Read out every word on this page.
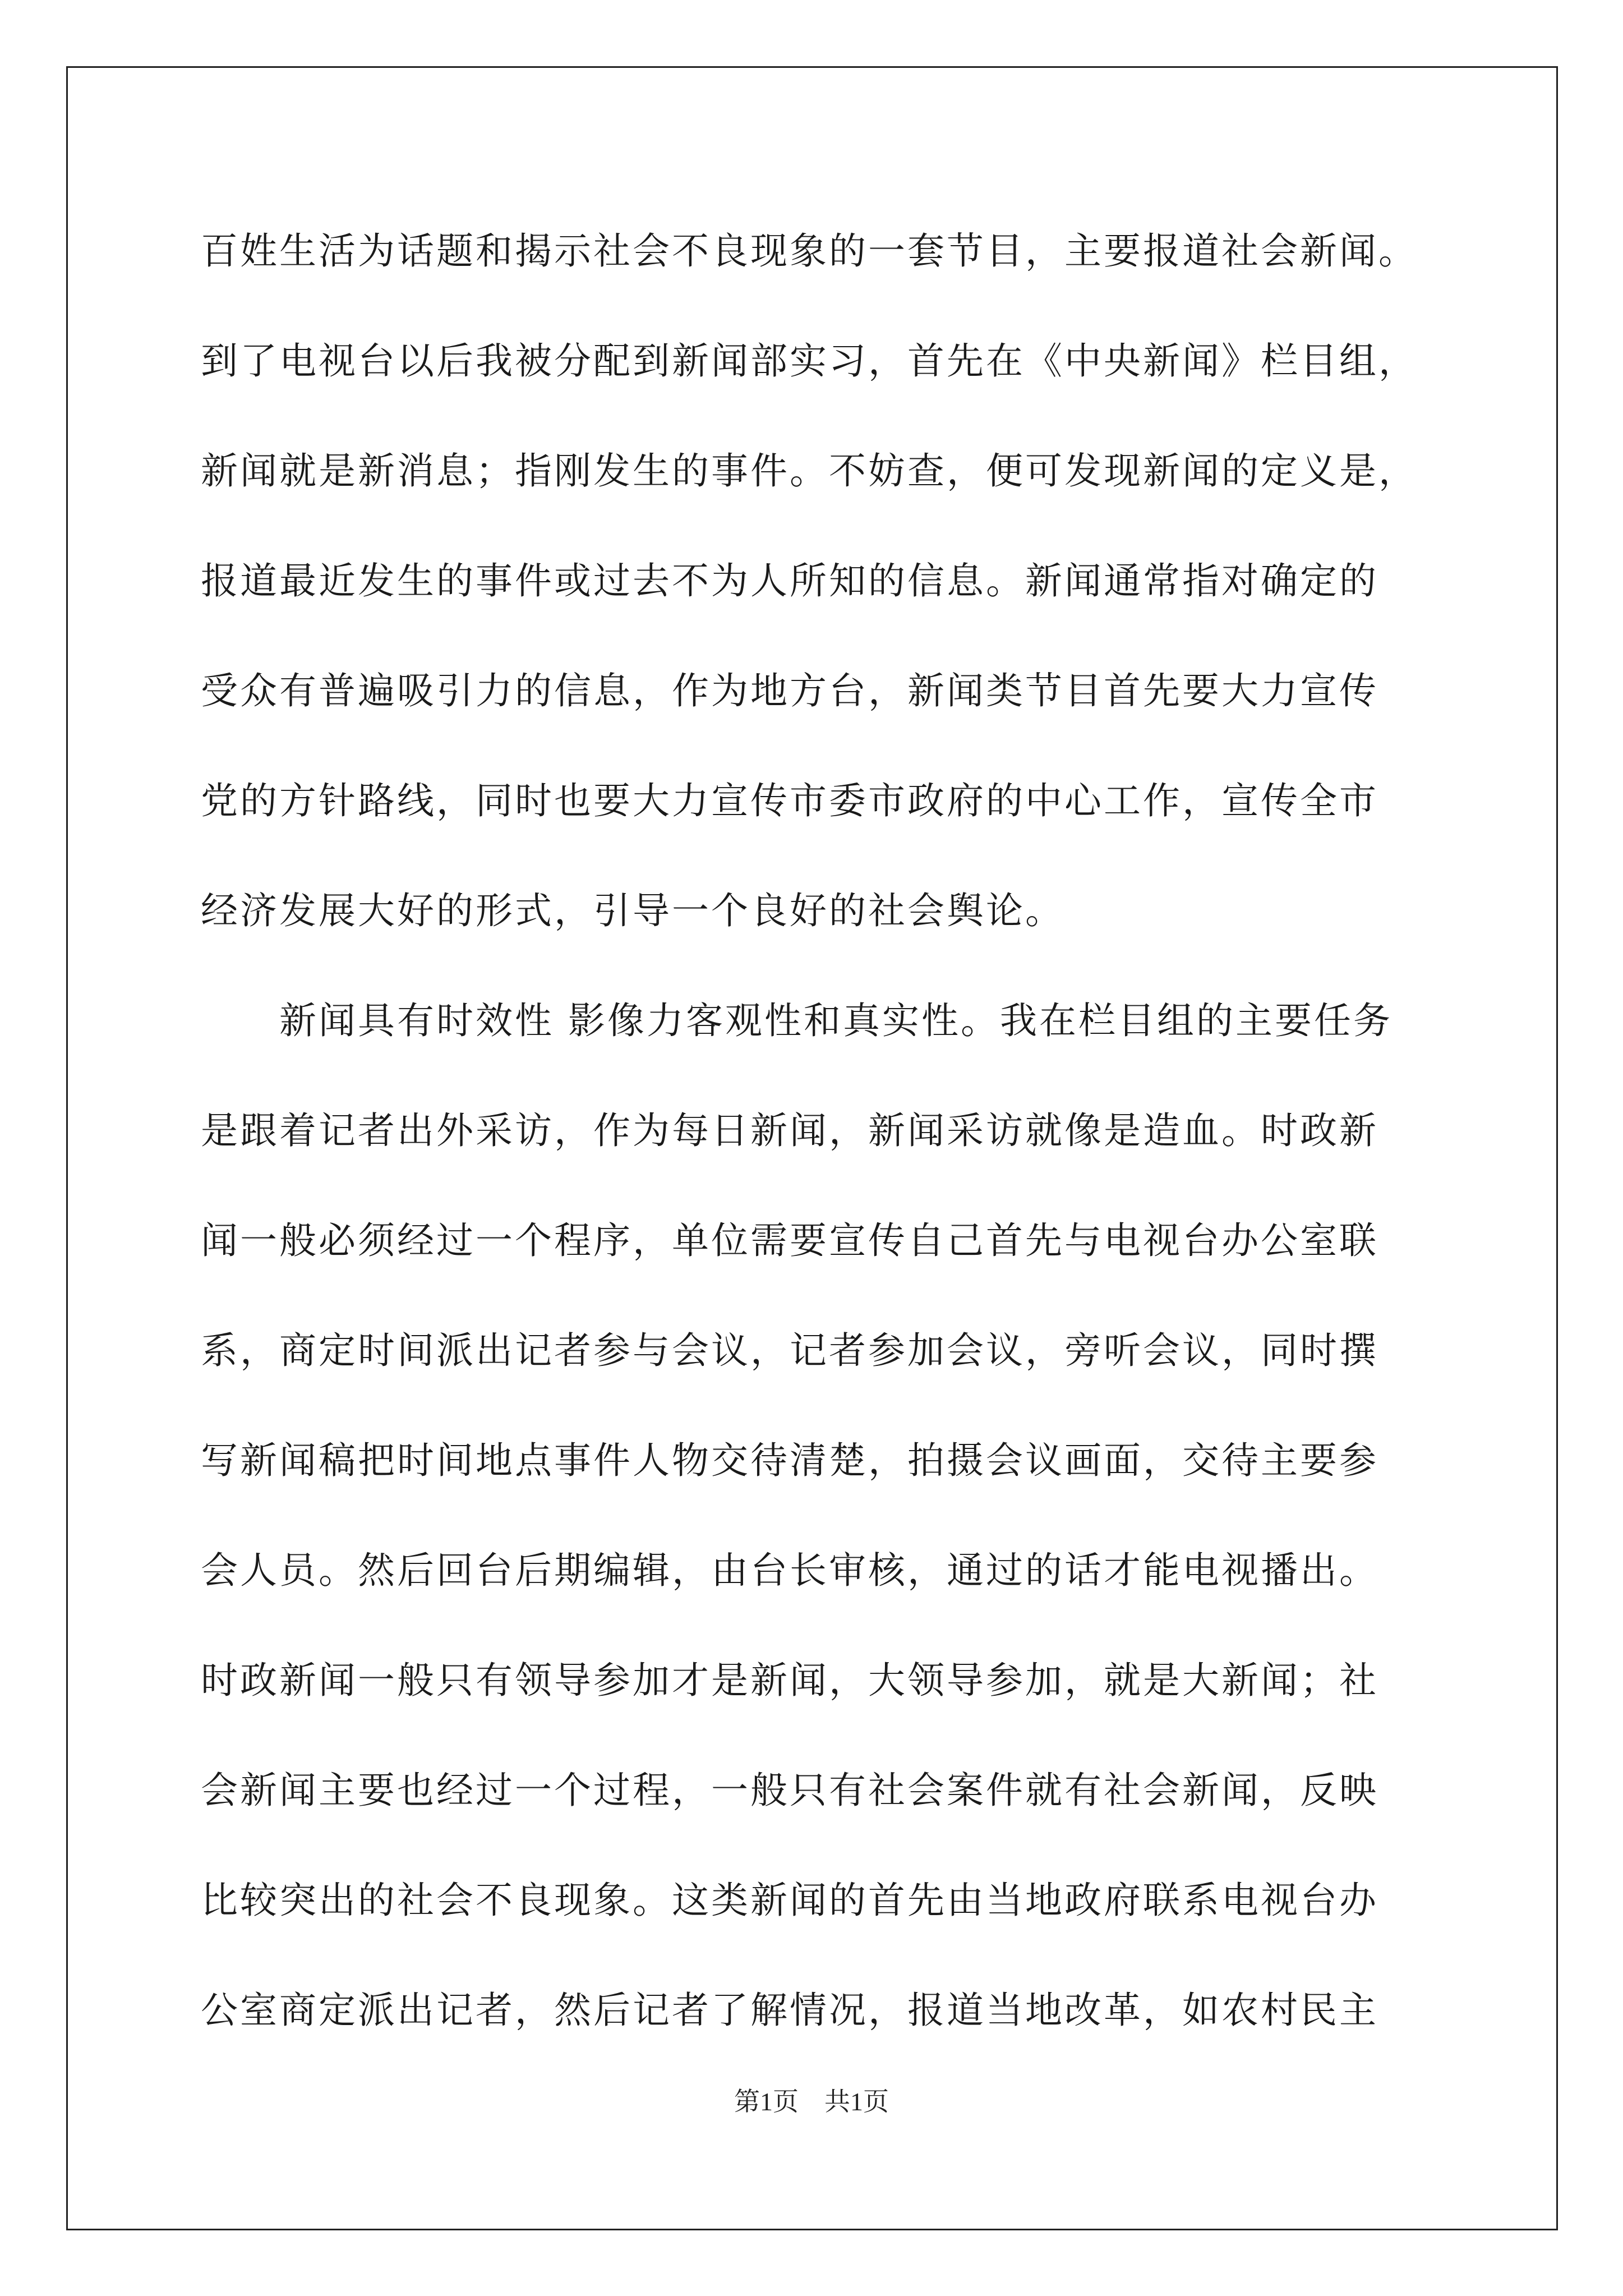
百姓生活为话题和揭示社会不良现象的一套节目，主要报道社会新闻。
到了电视台以后我被分配到新闻部实习，首先在《中央新闻》栏目组，
新闻就是新消息；指刚发生的事件。不妨查，便可发现新闻的定义是，
报道最近发生的事件或过去不为人所知的信息。新闻通常指对确定的
受众有普遍吸引力的信息，作为地方台，新闻类节目首先要大力宣传
党的方针路线，同时也要大力宣传市委市政府的中心工作，宣传全市
经济发展大好的形式，引导一个良好的社会舆论。
新闻具有时效性 影像力客观性和真实性。我在栏目组的主要任务
是跟着记者出外采访，作为每日新闻，新闻采访就像是造血。时政新
闻一般必须经过一个程序，单位需要宣传自己首先与电视台办公室联
系，商定时间派出记者参与会议，记者参加会议，旁听会议，同时撰
写新闻稿把时间地点事件人物交待清楚，拍摄会议画面，交待主要参
会人员。然后回台后期编辑，由台长审核，通过的话才能电视播出。
时政新闻一般只有领导参加才是新闻，大领导参加，就是大新闻；社
会新闻主要也经过一个过程，一般只有社会案件就有社会新闻，反映
比较突出的社会不良现象。这类新闻的首先由当地政府联系电视台办
公室商定派出记者，然后记者了解情况，报道当地改革，如农村民主
第1页　共1页
